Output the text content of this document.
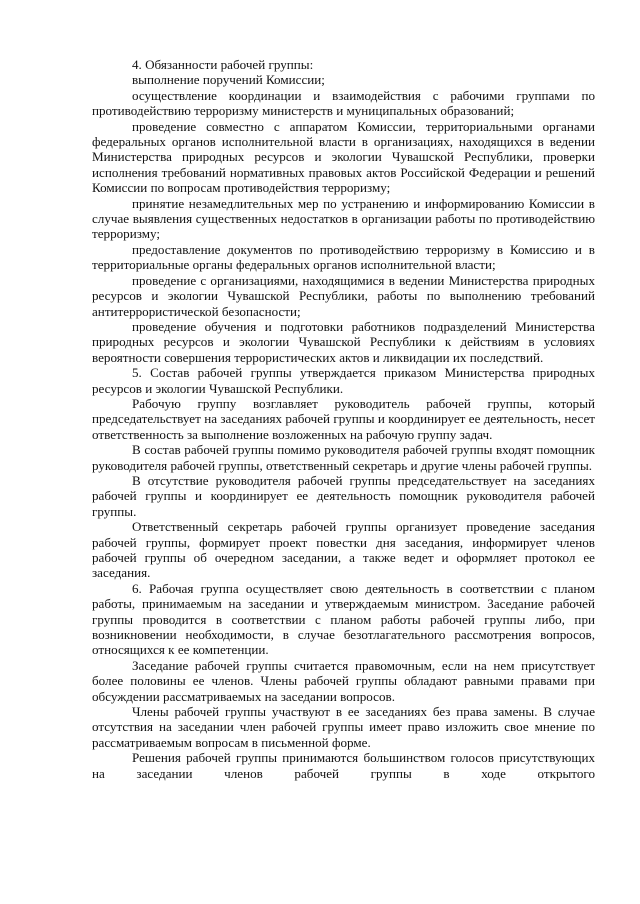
4. Обязанности рабочей группы:

выполнение поручений Комиссии;

осуществление координации и взаимодействия с рабочими группами по противодействию терроризму министерств и муниципальных образований;

проведение совместно с аппаратом Комиссии, территориальными органами федеральных органов исполнительной власти в организациях, находящихся в ведении Министерства природных ресурсов и экологии Чувашской Республики, проверки исполнения требований нормативных правовых актов Российской Федерации и решений Комиссии по вопросам противодействия терроризму;

принятие незамедлительных мер по устранению и информированию Комиссии в случае выявления существенных недостатков в организации работы по противодействию терроризму;

предоставление документов по противодействию терроризму в Комиссию и в территориальные органы федеральных органов исполнительной власти;

проведение с организациями, находящимися в ведении Министерства природных ресурсов и экологии Чувашской Республики, работы по выполнению требований антитеррористической безопасности;

проведение обучения и подготовки работников подразделений Министерства природных ресурсов и экологии Чувашской Республики к действиям в условиях вероятности совершения террористических актов и ликвидации их последствий.

5. Состав рабочей группы утверждается приказом Министерства природных ресурсов и экологии Чувашской Республики.

Рабочую группу возглавляет руководитель рабочей группы, который председательствует на заседаниях рабочей группы и координирует ее деятельность, несет ответственность за выполнение возложенных на рабочую группу задач.

В состав рабочей группы помимо руководителя рабочей группы входят помощник руководителя рабочей группы, ответственный секретарь и другие члены рабочей группы.

В отсутствие руководителя рабочей группы председательствует на заседаниях рабочей группы и координирует ее деятельность помощник руководителя рабочей группы.

Ответственный секретарь рабочей группы организует проведение заседания рабочей группы, формирует проект повестки дня заседания, информирует членов рабочей группы об очередном заседании, а также ведет и оформляет протокол ее заседания.

6. Рабочая группа осуществляет свою деятельность в соответствии с планом работы, принимаемым на заседании и утверждаемым министром. Заседание рабочей группы проводится в соответствии с планом работы рабочей группы либо, при возникновении необходимости, в случае безотлагательного рассмотрения вопросов, относящихся к ее компетенции.

Заседание рабочей группы считается правомочным, если на нем присутствует более половины ее членов. Члены рабочей группы обладают равными правами при обсуждении рассматриваемых на заседании вопросов.

Члены рабочей группы участвуют в ее заседаниях без права замены. В случае отсутствия на заседании член рабочей группы имеет право изложить свое мнение по рассматриваемым вопросам в письменной форме.

Решения рабочей группы принимаются большинством голосов присутствующих на заседании членов рабочей группы в ходе открытого
